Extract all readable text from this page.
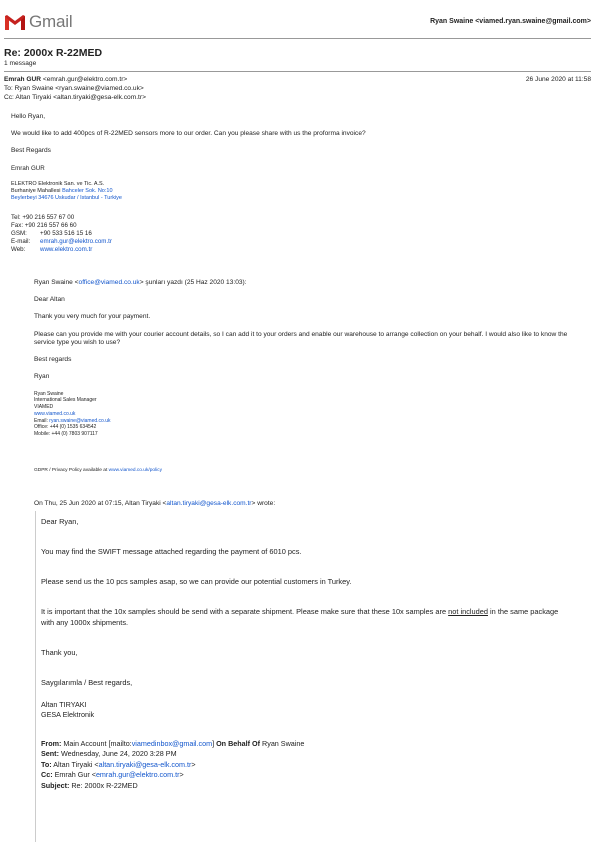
Gmail	Ryan Swaine <viamed.ryan.swaine@gmail.com>
Re: 2000x R-22MED
1 message
Emrah GUR <emrah.gur@elektro.com.tr>	26 June 2020 at 11:58
To: Ryan Swaine <ryan.swaine@viamed.co.uk>
Cc: Altan Tiryaki <altan.tiryaki@gesa-elk.com.tr>

Hello Ryan,

We would like to add 400pcs of R-22MED sensors more to our order. Can you please share with us the proforma invoice?

Best Regards

Emrah GUR

ELEKTRO Elektronik San. ve Tic. A.S.
Burhaniye Mahallesi Bahceler Sok. No:10
Beylerbeyi 34676 Uskudar / Istanbul - Turkiye
Tel: +90 216 557 67 00
Fax: +90 216 557 66 60
GSM: +90 533 516 15 16
E-mail: emrah.gur@elektro.com.tr
Web: www.elektro.com.tr

Ryan Swaine <office@viamed.co.uk> şunları yazdı (25 Haz 2020 13:03):

Dear Altan

Thank you very much for your payment.

Please can you provide me with your courier account details, so I can add it to your orders and enable our warehouse to arrange collection on your behalf. I would also like to know the service type you wish to use?

Best regards

Ryan

Ryan Swaine
International Sales Manager
VIAMED
www.viamed.co.uk
Email: ryan.swaine@viamed.co.uk
Office: +44 (0) 1535 634542
Mobile: +44 (0) 7803 907117
GDPR / Privacy Policy available at www.viamed.co.uk/policy
On Thu, 25 Jun 2020 at 07:15, Altan Tiryaki <altan.tiryaki@gesa-elk.com.tr> wrote:
Dear Ryan,
You may find the SWIFT message attached regarding the payment of 6010 pcs.
Please send us the 10 pcs samples asap, so we can provide our potential customers in Turkey.
It is important that the 10x samples should be send with a separate shipment. Please make sure that these 10x samples are not included in the same package with any 1000x shipments.
Thank you,
Saygılarımla / Best regards,
Altan TIRYAKI
GESA Elektronik
From: Main Account [mailto:viamedinbox@gmail.com] On Behalf Of Ryan Swaine
Sent: Wednesday, June 24, 2020 3:28 PM
To: Altan Tiryaki <altan.tiryaki@gesa-elk.com.tr>
Cc: Emrah Gur <emrah.gur@elektro.com.tr>
Subject: Re: 2000x R-22MED
